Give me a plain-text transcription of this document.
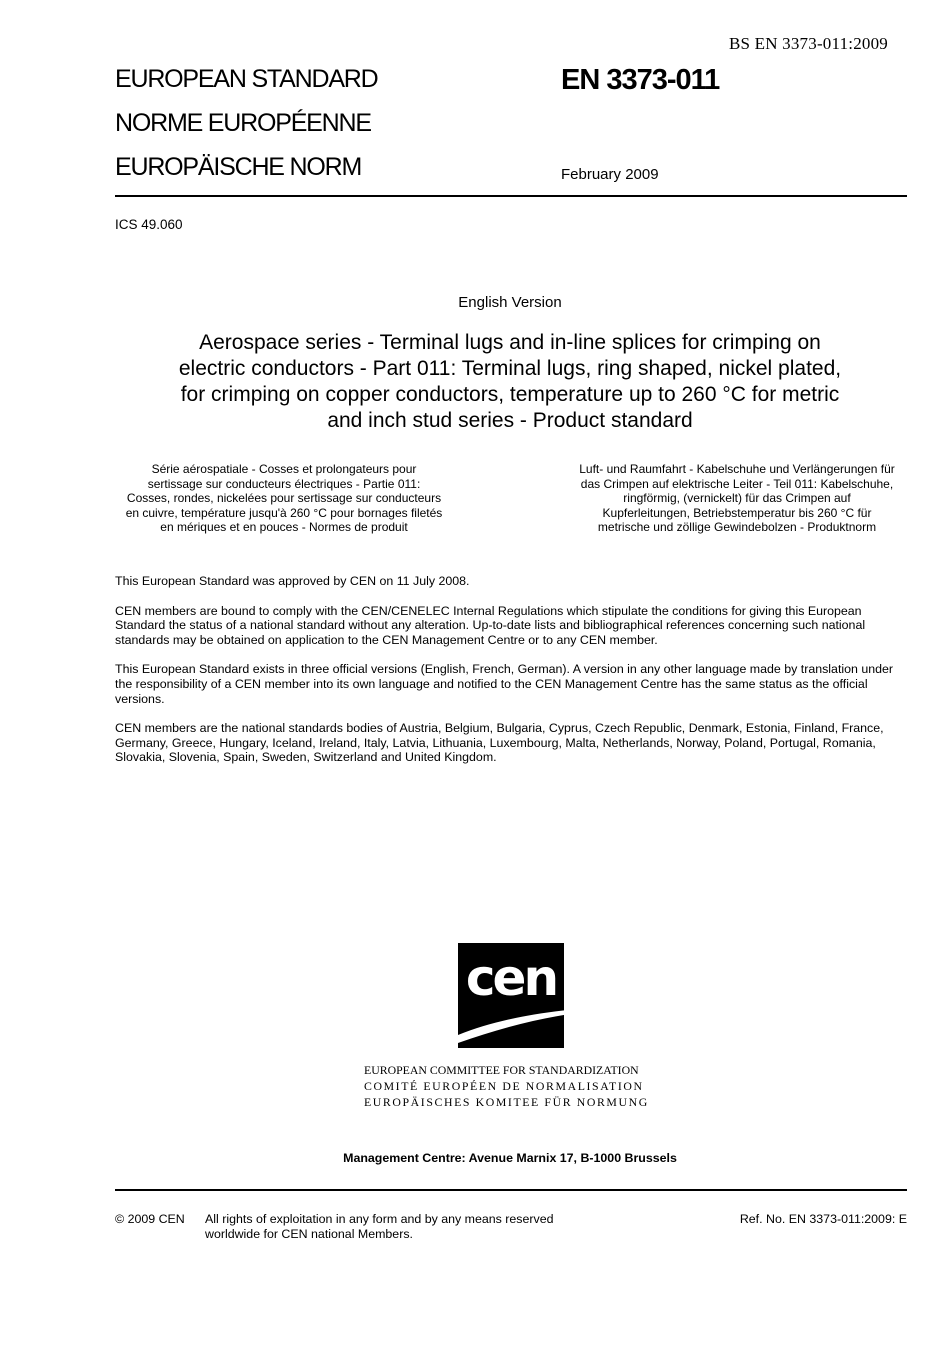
BS EN 3373-011:2009
EUROPEAN STANDARD
NORME EUROPÉENNE
EUROPÄISCHE NORM
EN 3373-011
February 2009
ICS 49.060
English Version
Aerospace series - Terminal lugs and in-line splices for crimping on electric conductors - Part 011: Terminal lugs, ring shaped, nickel plated, for crimping on copper conductors, temperature up to 260 °C for metric and inch stud series - Product standard
Série aérospatiale - Cosses et prolongateurs pour
sertissage sur conducteurs électriques - Partie 011:
Cosses, rondes, nickelées pour sertissage sur conducteurs
en cuivre, température jusqu'à 260 °C pour bornages filetés
en mériques et en pouces - Normes de produit
Luft- und Raumfahrt - Kabelschuhe und Verlängerungen für
das Crimpen auf elektrische Leiter - Teil 011: Kabelschuhe,
ringförmig, (vernickelt) für das Crimpen auf
Kupferleitungen, Betriebstemperatur bis 260 °C für
metrische und zöllige Gewindebolzen - Produktnorm

This European Standard was approved by CEN on 11 July 2008.

CEN members are bound to comply with the CEN/CENELEC Internal Regulations which stipulate the conditions for giving this European Standard the status of a national standard without any alteration. Up-to-date lists and bibliographical references concerning such national standards may be obtained on application to the CEN Management Centre or to any CEN member.

This European Standard exists in three official versions (English, French, German). A version in any other language made by translation under the responsibility of a CEN member into its own language and notified to the CEN Management Centre has the same status as the official versions.

CEN members are the national standards bodies of Austria, Belgium, Bulgaria, Cyprus, Czech Republic, Denmark, Estonia, Finland, France, Germany, Greece, Hungary, Iceland, Ireland, Italy, Latvia, Lithuania, Luxembourg, Malta, Netherlands, Norway, Poland, Portugal, Romania, Slovakia, Slovenia, Spain, Sweden, Switzerland and United Kingdom.

cen
EUROPEAN COMMITTEE FOR STANDARDIZATION
COMITÉ EUROPÉEN DE NORMALISATION
EUROPÄISCHES KOMITEE FÜR NORMUNG
Management Centre: Avenue Marnix 17, B-1000 Brussels
© 2009 CEN All rights of exploitation in any form and by any means reserved
worldwide for CEN national Members.
Ref. No. EN 3373-011:2009: E
